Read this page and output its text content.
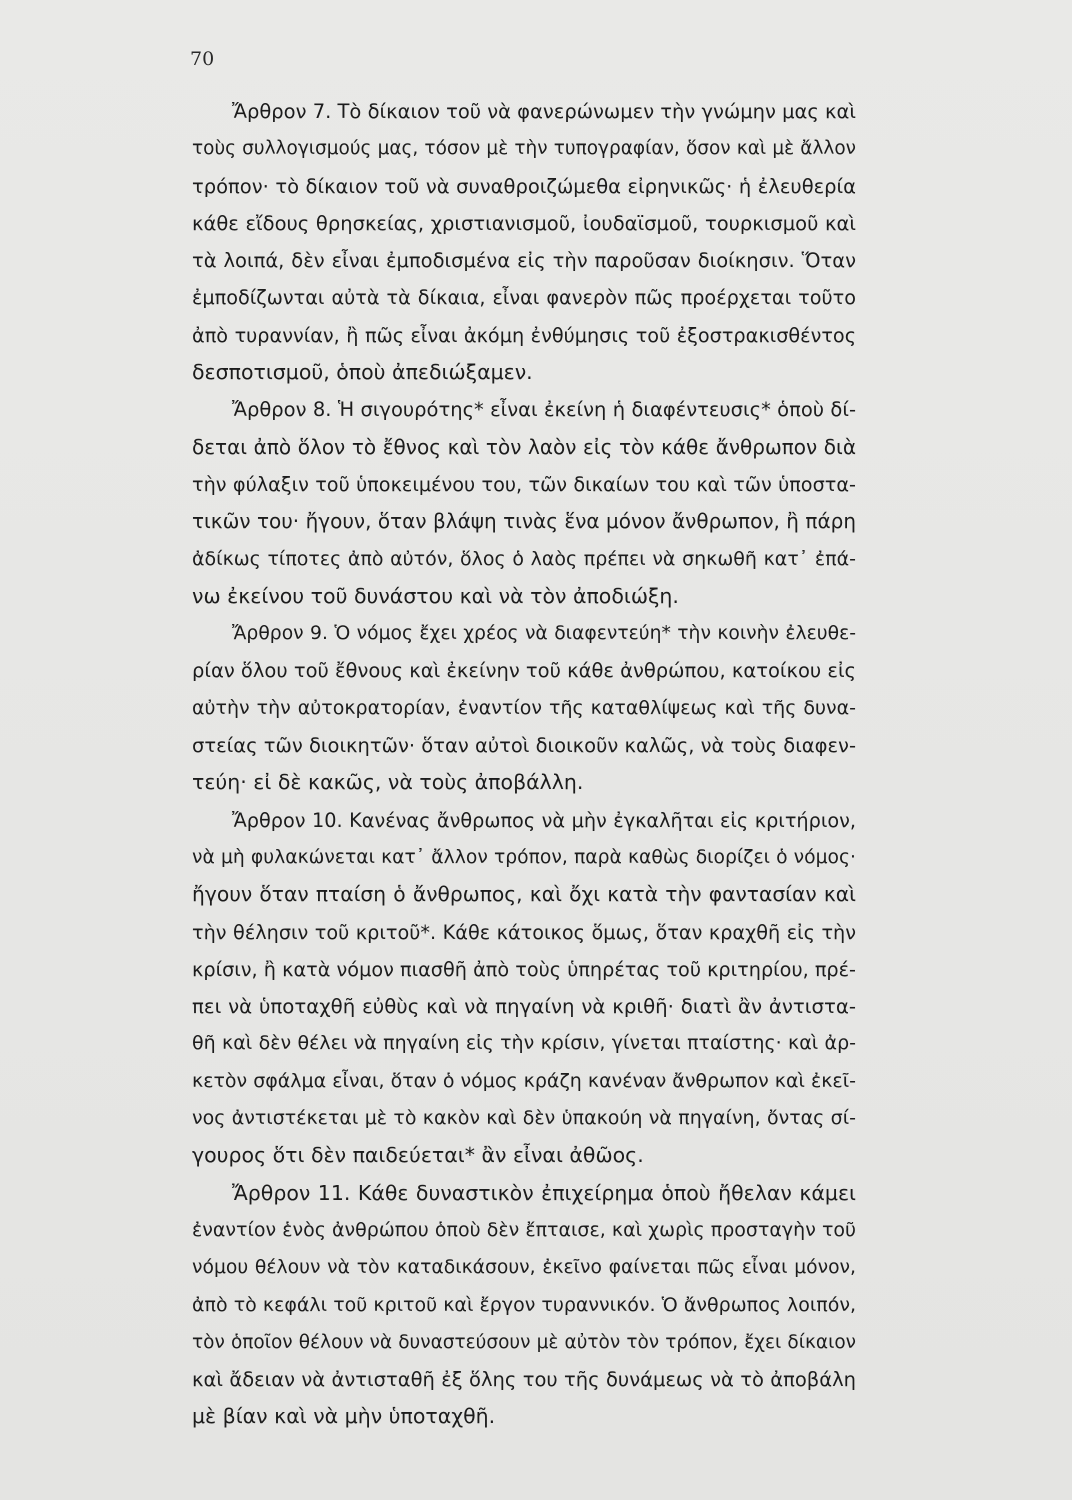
70
Ἄρθρον 7. Τὸ δίκαιον τοῦ νὰ φανερώνωμεν τὴν γνώμην μας καὶ
τοὺς συλλογισμούς μας, τόσον μὲ τὴν τυπογραφίαν, ὅσον καὶ μὲ ἄλλον
τρόπον· τὸ δίκαιον τοῦ νὰ συναθροιζώμεθα εἰρηνικῶς· ἡ ἐλευθερία
κάθε εἴδους θρησκείας, χριστιανισμοῦ, ἰουδαϊσμοῦ, τουρκισμοῦ καὶ
τὰ λοιπά, δὲν εἶναι ἐμποδισμένα εἰς τὴν παροῦσαν διοίκησιν. Ὅταν
ἐμποδίζωνται αὐτὰ τὰ δίκαια, εἶναι φανερὸν πῶς προέρχεται τοῦτο
ἀπὸ τυραννίαν, ἢ πῶς εἶναι ἀκόμη ἐνθύμησις τοῦ ἐξοστρακισθέντος
δεσποτισμοῦ, ὁποὺ ἀπεδιώξαμεν.
Ἄρθρον 8. Ἡ σιγουρότης* εἶναι ἐκείνη ἡ διαφέντευσις* ὁποὺ δί-
δεται ἀπὸ ὅλον τὸ ἔθνος καὶ τὸν λαὸν εἰς τὸν κάθε ἄνθρωπον διὰ
τὴν φύλαξιν τοῦ ὑποκειμένου του, τῶν δικαίων του καὶ τῶν ὑποστα-
τικῶν του· ἤγουν, ὅταν βλάψη τινὰς ἕνα μόνον ἄνθρωπον, ἢ πάρη
ἀδίκως τίποτες ἀπὸ αὐτόν, ὅλος ὁ λαὸς πρέπει νὰ σηκωθῆ κατ᾿ ἐπά-
νω ἐκείνου τοῦ δυνάστου καὶ νὰ τὸν ἀποδιώξη.
Ἄρθρον 9. Ὁ νόμος ἔχει χρέος νὰ διαφεντεύη* τὴν κοινὴν ἐλευθε-
ρίαν ὅλου τοῦ ἔθνους καὶ ἐκείνην τοῦ κάθε ἀνθρώπου, κατοίκου εἰς
αὐτὴν τὴν αὐτοκρατορίαν, ἐναντίον τῆς καταθλίψεως καὶ τῆς δυνα-
στείας τῶν διοικητῶν· ὅταν αὐτοὶ διοικοῦν καλῶς, νὰ τοὺς διαφεν-
τεύη· εἰ δὲ κακῶς, νὰ τοὺς ἀποβάλλη.
Ἄρθρον 10. Κανένας ἄνθρωπος νὰ μὴν ἐγκαλῆται εἰς κριτήριον,
νὰ μὴ φυλακώνεται κατ᾿ ἄλλον τρόπον, παρὰ καθὼς διορίζει ὁ νόμος·
ἤγουν ὅταν πταίση ὁ ἄνθρωπος, καὶ ὄχι κατὰ τὴν φαντασίαν καὶ
τὴν θέλησιν τοῦ κριτοῦ*. Κάθε κάτοικος ὅμως, ὅταν κραχθῆ εἰς τὴν
κρίσιν, ἢ κατὰ νόμον πιασθῆ ἀπὸ τοὺς ὑπηρέτας τοῦ κριτηρίου, πρέ-
πει νὰ ὑποταχθῆ εὐθὺς καὶ νὰ πηγαίνη νὰ κριθῆ· διατὶ ἂν ἀντιστα-
θῆ καὶ δὲν θέλει νὰ πηγαίνη εἰς τὴν κρίσιν, γίνεται πταίστης· καὶ ἀρ-
κετὸν σφάλμα εἶναι, ὅταν ὁ νόμος κράζη κανέναν ἄνθρωπον καὶ ἐκεῖ-
νος ἀντιστέκεται μὲ τὸ κακὸν καὶ δὲν ὑπακούη νὰ πηγαίνη, ὄντας σί-
γουρος ὅτι δὲν παιδεύεται* ἂν εἶναι ἀθῶος.
Ἄρθρον 11. Κάθε δυναστικὸν ἐπιχείρημα ὁποὺ ἤθελαν κάμει
ἐναντίον ἑνὸς ἀνθρώπου ὁποὺ δὲν ἔπταισε, καὶ χωρὶς προσταγὴν τοῦ
νόμου θέλουν νὰ τὸν καταδικάσουν, ἐκεῖνο φαίνεται πῶς εἶναι μόνον,
ἀπὸ τὸ κεφάλι τοῦ κριτοῦ καὶ ἔργον τυραννικόν. Ὁ ἄνθρωπος λοιπόν,
τὸν ὁποῖον θέλουν νὰ δυναστεύσουν μὲ αὐτὸν τὸν τρόπον, ἔχει δίκαιον
καὶ ἄδειαν νὰ ἀντισταθῆ ἐξ ὅλης του τῆς δυνάμεως νὰ τὸ ἀποβάλη
μὲ βίαν καὶ νὰ μὴν ὑποταχθῆ.
